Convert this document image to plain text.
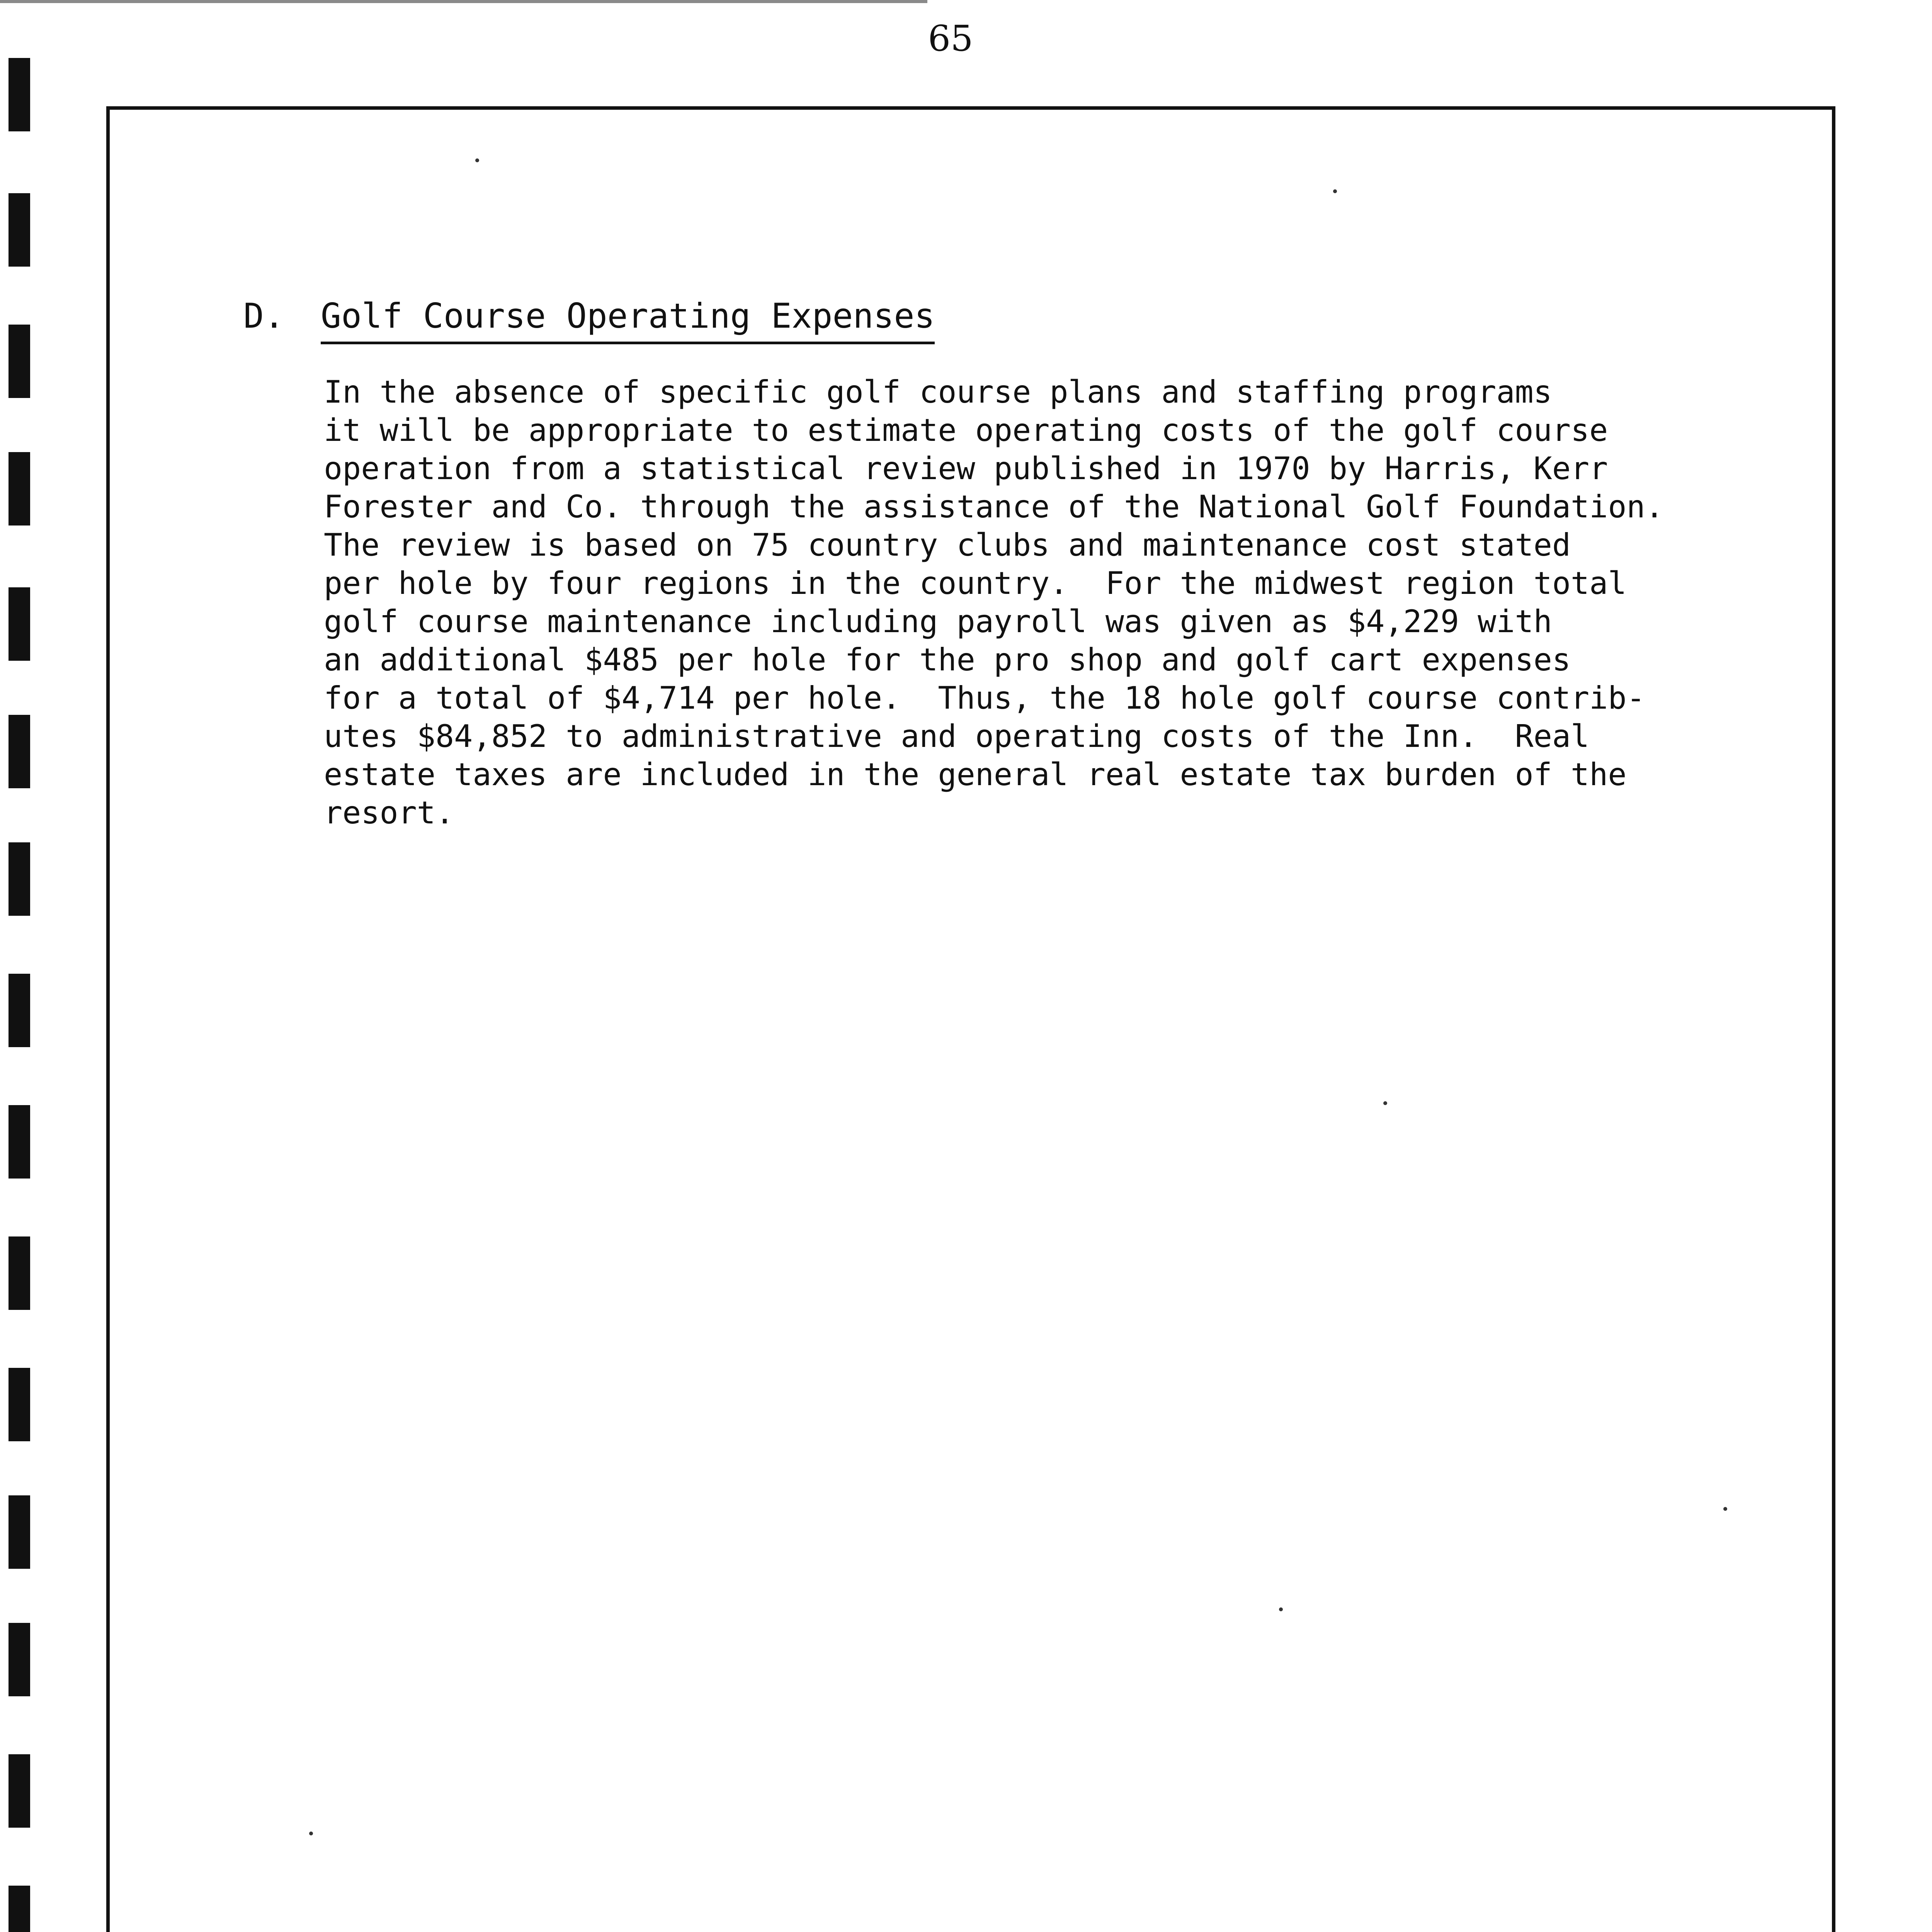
65
D. Golf Course Operating Expenses
In the absence of specific golf course plans and staffing programs
it will be appropriate to estimate operating costs of the golf course
operation from a statistical review published in 1970 by Harris, Kerr
Forester and Co. through the assistance of the National Golf Foundation.
The review is based on 75 country clubs and maintenance cost stated
per hole by four regions in the country.  For the midwest region total
golf course maintenance including payroll was given as $4,229 with
an additional $485 per hole for the pro shop and golf cart expenses
for a total of $4,714 per hole.  Thus, the 18 hole golf course contrib-
utes $84,852 to administrative and operating costs of the Inn.  Real
estate taxes are included in the general real estate tax burden of the
resort.
